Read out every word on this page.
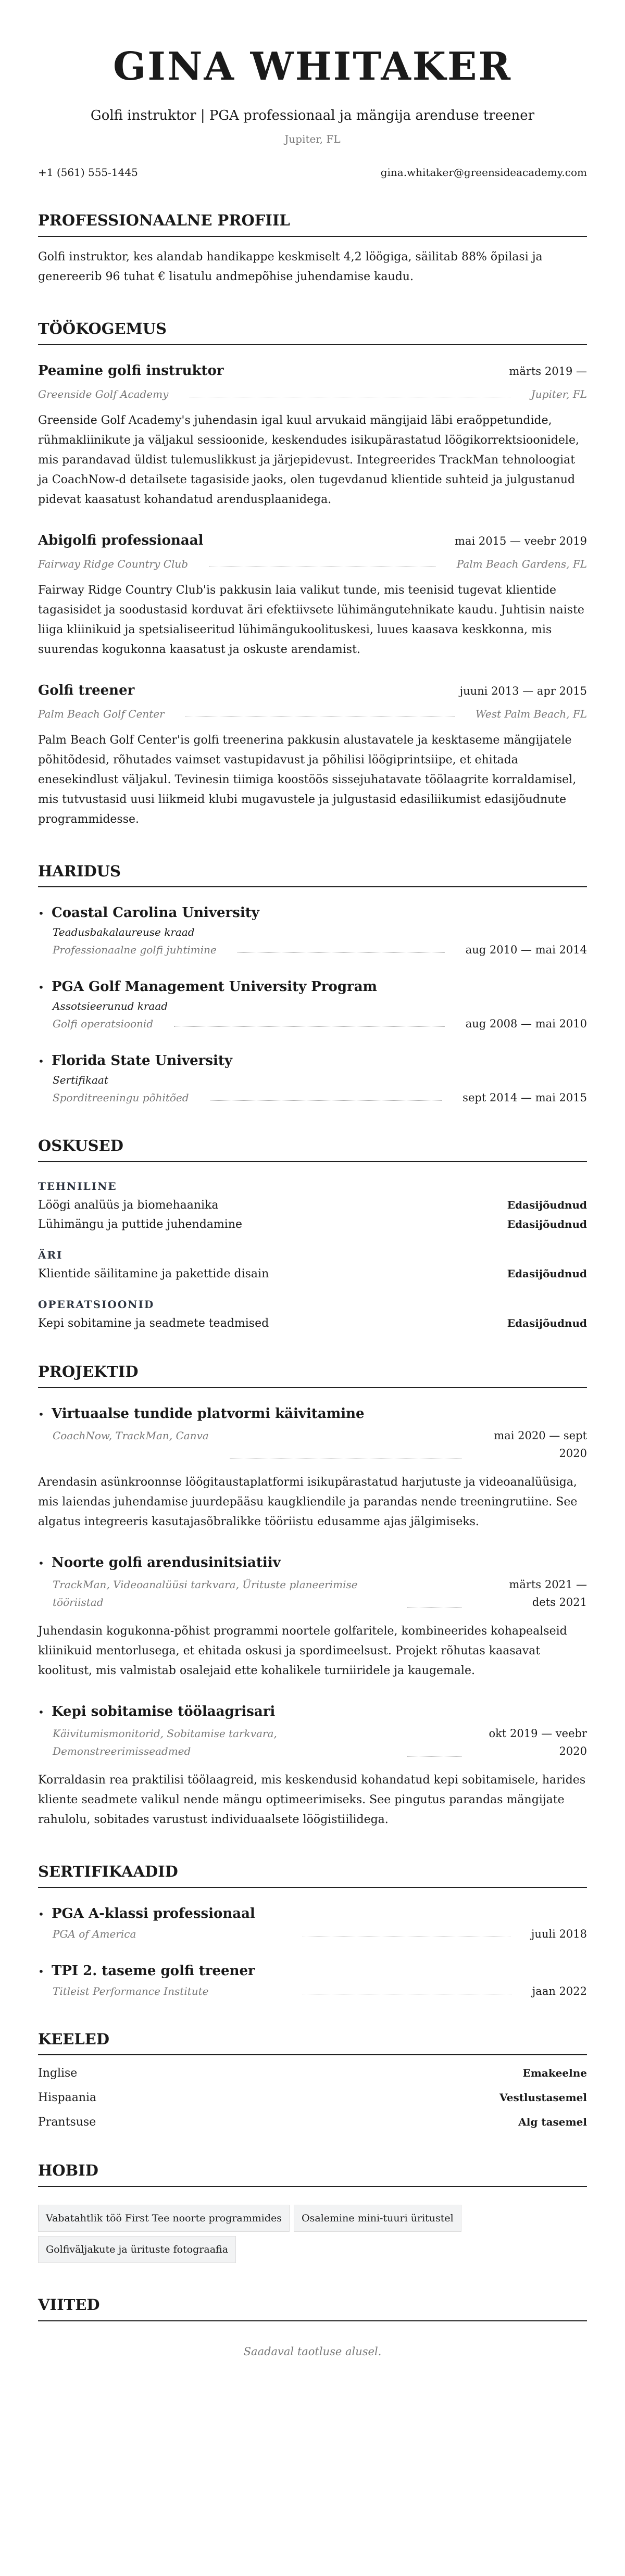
GINA WHITAKER
Golfi instruktor | PGA professionaal ja mängija arenduse treener
Jupiter, FL
+1 (561) 555-1445	gina.whitaker@greensideacademy.com
PROFESSIONAALNE PROFIIL
Golfi instruktor, kes alandab handikappe keskmiselt 4,2 löögiga, säilitab 88% õpilasi ja genereerib 96 tuhat € lisatulu andmepõhise juhendamise kaudu.
TÖÖKOGEMUS
Peamine golfi instruktor	märts 2019 —
Greenside Golf Academy	Jupiter, FL
Greenside Golf Academy's juhendasin igal kuul arvukaid mängijaid läbi eraõppetundide, rühmakliinikute ja väljakul sessioonide, keskendudes isikupärastatud löögikorrektsioonidele, mis parandavad üldist tulemuslikkust ja järjepidevust. Integreerides TrackMan tehnoloogiat ja CoachNow-d detailsete tagasiside jaoks, olen tugevdanud klientide suhteid ja julgustanud pidevat kaasatust kohandatud arendusplaanidega.
Abigolfi professionaal	mai 2015 — veebr 2019
Fairway Ridge Country Club	Palm Beach Gardens, FL
Fairway Ridge Country Club'is pakkusin laia valikut tunde, mis teenisid tugevat klientide tagasisidet ja soodustasid korduvat äri efektiivsete lühimängutehnikate kaudu. Juhtisin naiste liiga kliinikuid ja spetsialiseeritud lühimängukoolituskesi, luues kaasava keskkonna, mis suurendas kogukonna kaasatust ja oskuste arendamist.
Golfi treener	juuni 2013 — apr 2015
Palm Beach Golf Center	West Palm Beach, FL
Palm Beach Golf Center'is golfi treenerina pakkusin alustavatele ja kesktaseme mängijatele põhitõdesid, rõhutades vaimset vastupidavust ja põhilisi löögiprintsiipe, et ehitada enesekindlust väljakul. Tevinesin tiimiga koostöös sissejuhatavate töölaagrite korraldamisel, mis tutvustasid uusi liikmeid klubi mugavustele ja julgustasid edasiliikumist edasijõudnute programmidesse.
HARIDUS
• Coastal Carolina University
Teadusbakalaureuse kraad
Professionaalne golfi juhtimine	aug 2010 — mai 2014
• PGA Golf Management University Program
Assotsieerunud kraad
Golfi operatsioonid	aug 2008 — mai 2010
• Florida State University
Sertifikaat
Sporditreeningu põhitõed	sept 2014 — mai 2015
OSKUSED
TEHNILINE
Löögi analüüs ja biomehaanika	Edasijõudnud
Lühimängu ja puttide juhendamine	Edasijõudnud
ÄRI
Klientide säilitamine ja pakettide disain	Edasijõudnud
OPERATSIOONID
Kepi sobitamine ja seadmete teadmised	Edasijõudnud
PROJEKTID
• Virtuaalse tundide platvormi käivitamine
CoachNow, TrackMan, Canva	mai 2020 — sept 2020
Arendasin asünkroonnse löögitaustaplatformi isikupärastatud harjutuste ja videoanalüüsiga, mis laiendas juhendamise juurdepääsu kaugkliendile ja parandas nende treeningrutiine. See algatus integreeris kasutajasõbralikke tööriistu edusamme ajas jälgimiseks.
• Noorte golfi arendusinitsiatiiv
TrackMan, Videoanalüüsi tarkvara, Ürituste planeerimise tööriistad
märts 2021 — dets 2021
Juhendasin kogukonna-põhist programmi noortele golfaritele, kombineerides kohapealseid kliinikuid mentorlusega, et ehitada oskusi ja spordimeelsust. Projekt rõhutas kaasavat koolitust, mis valmistab osalejaid ette kohalikele turniiridele ja kaugemale.
• Kepi sobitamise töölaagrisari
Käivitumismonitorid, Sobitamise tarkvara, Demonstreerimisseadmed
okt 2019 — veebr 2020
Korraldasin rea praktilisi töölaagreid, mis keskendusid kohandatud kepi sobitamisele, harides kliente seadmete valikul nende mängu optimeerimiseks. See pingutus parandas mängijate rahulolu, sobitades varustust individuaalsete löögistiilidega.
SERTIFIKAADID
• PGA A-klassi professionaal
PGA of America	juuli 2018
• TPI 2. taseme golfi treener
Titleist Performance Institute	jaan 2022
KEELED
Inglise	Emakeelne
Hispaania	Vestlustasemel
Prantsuse	Alg tasemel
HOBID
Vabatahtlik töö First Tee noorte programmides	Osalemine mini-tuuri üritustel
Golfiväljakute ja ürituste fotograafia
VIITED
Saadaval taotluse alusel.
